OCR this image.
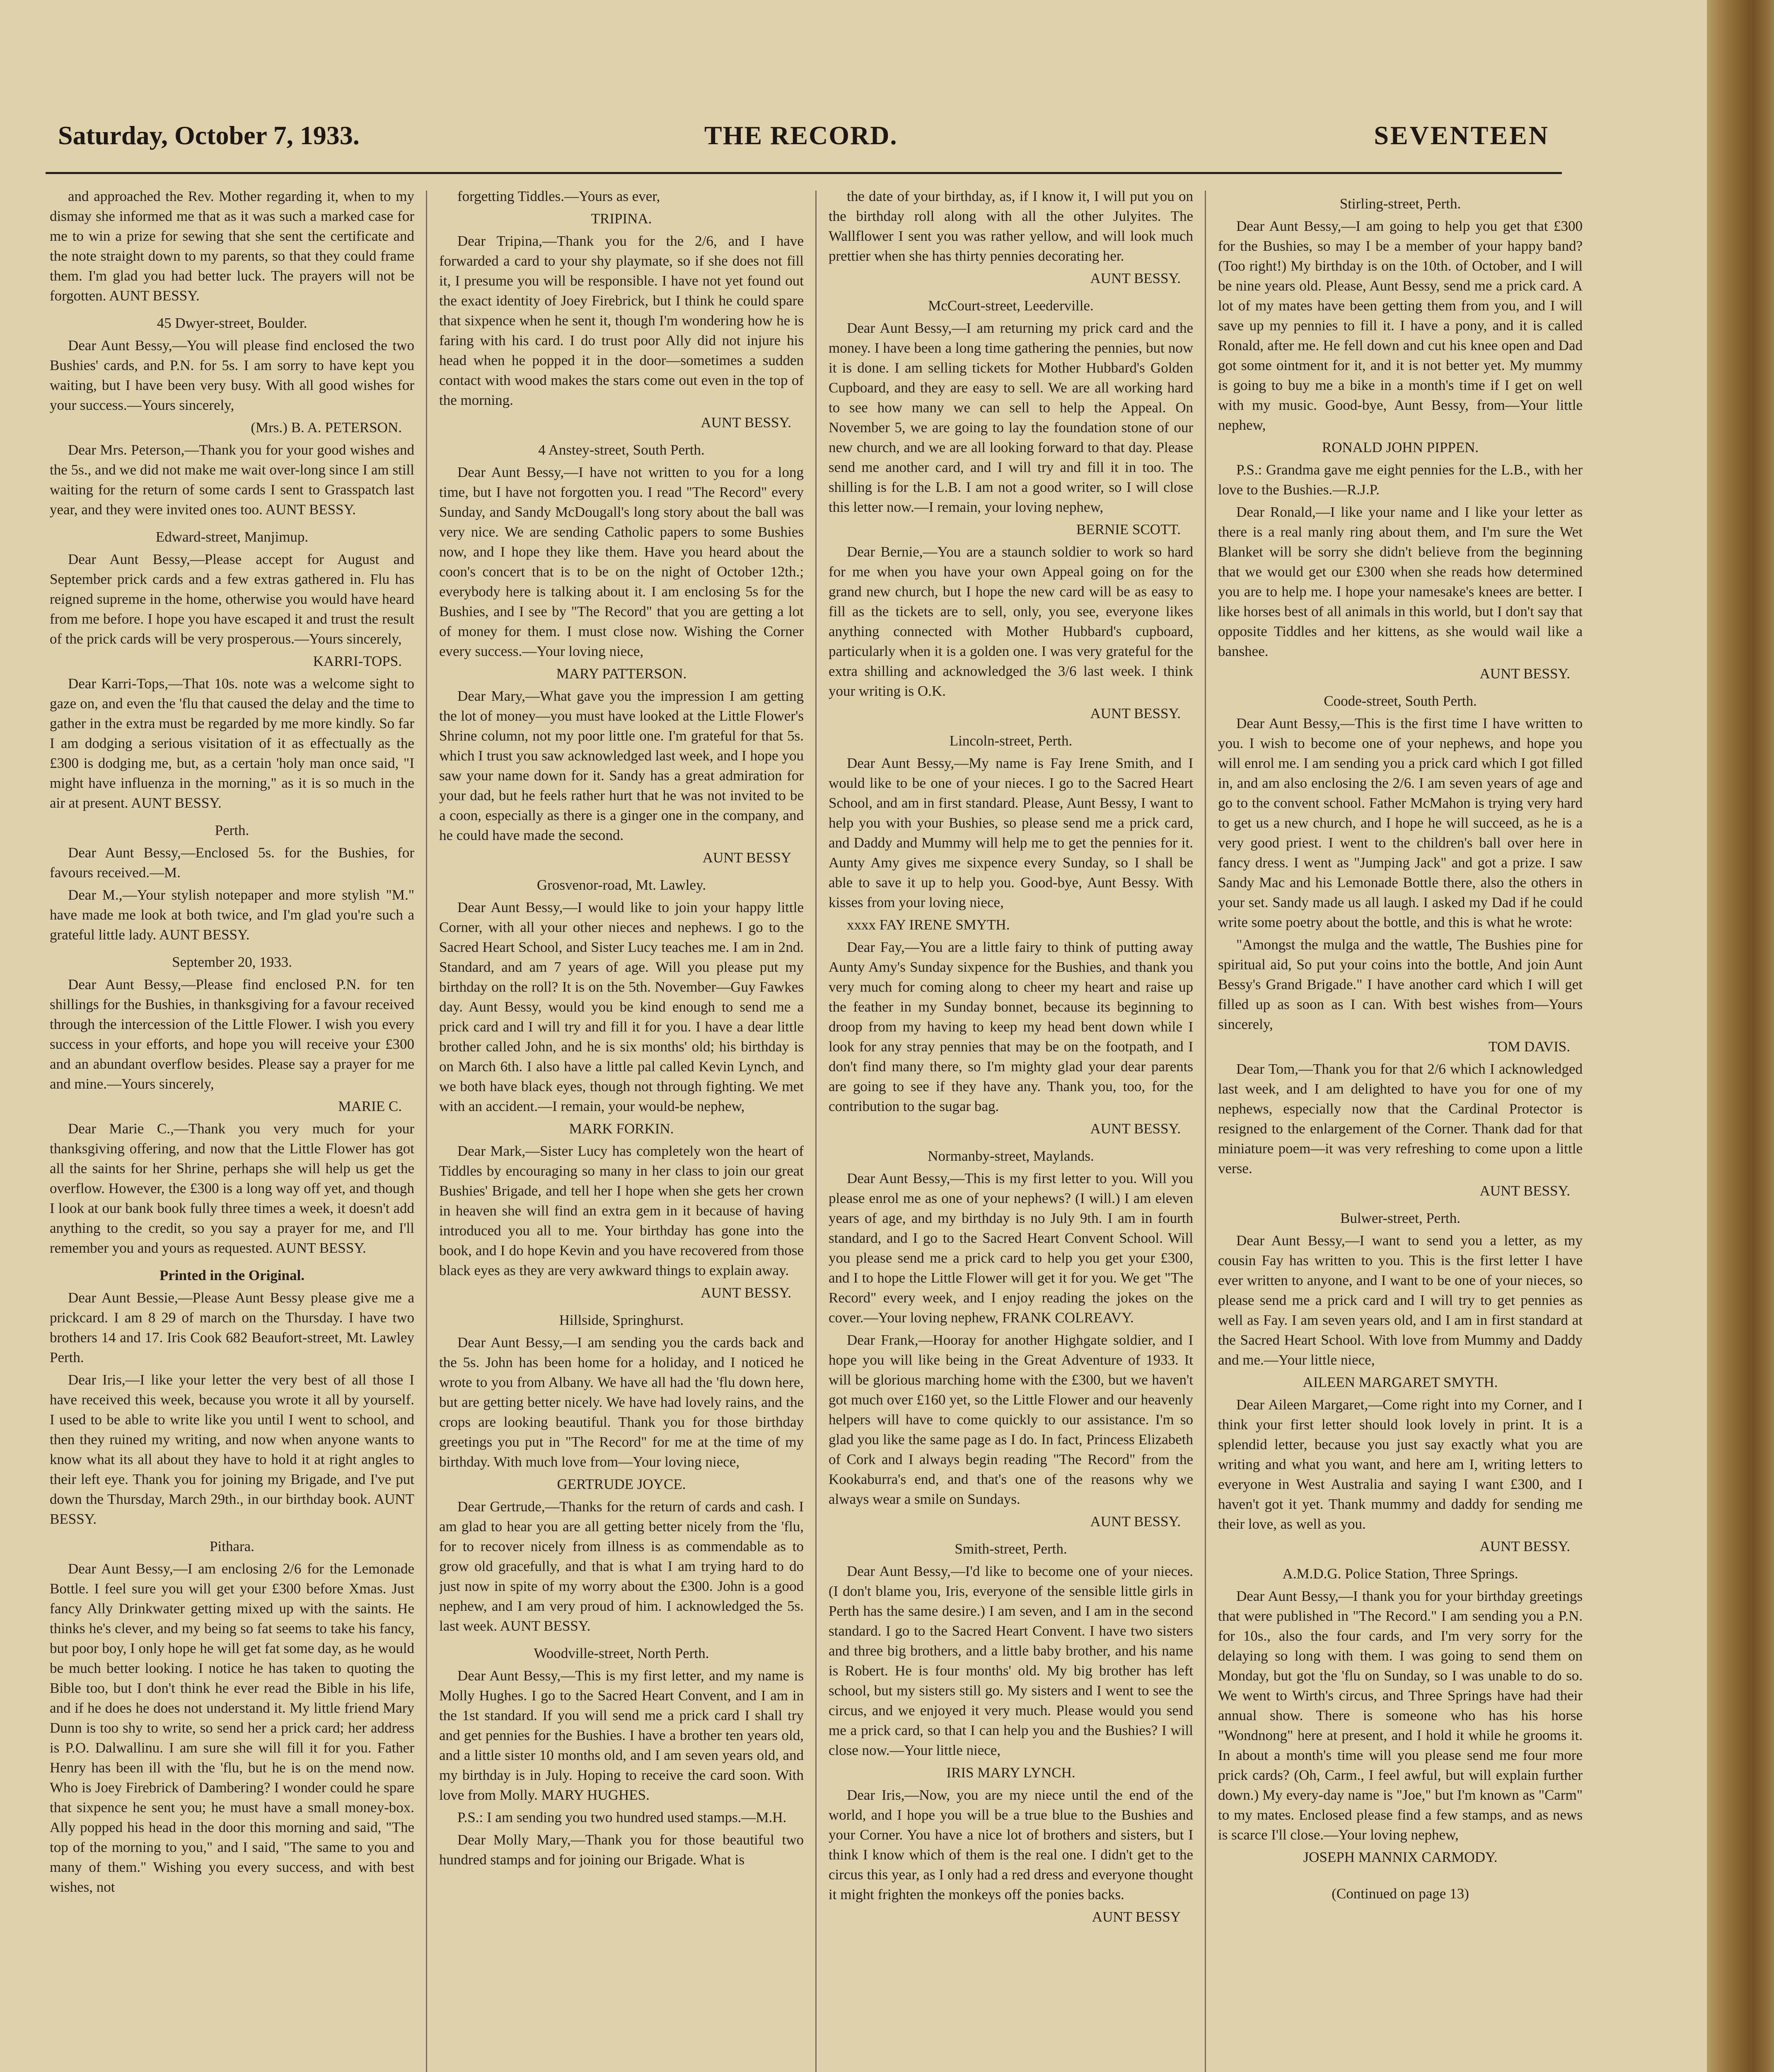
Saturday, October 7, 1933.	THE RECORD.	SEVENTEEN

and approached the Rev. Mother regarding it, when to my dismay she informed me that as it was such a marked case for me to win a prize for sewing that she sent the certificate and the note straight down to my parents, so that they could frame them. I'm glad you had better luck. The prayers will not be forgotten. AUNT BESSY.

45 Dwyer-street, Boulder.

Dear Aunt Bessy,—You will please find enclosed the two Bushies' cards, and P.N. for 5s. I am sorry to have kept you waiting, but I have been very busy. With all good wishes for your success.—Yours sincerely,

(Mrs.) B. A. PETERSON.

Dear Mrs. Peterson,—Thank you for your good wishes and the 5s., and we did not make me wait over-long since I am still waiting for the return of some cards I sent to Grasspatch last year, and they were invited ones too. AUNT BESSY.

Edward-street, Manjimup.

Dear Aunt Bessy,—Please accept for August and September prick cards and a few extras gathered in. Flu has reigned supreme in the home, otherwise you would have heard from me before. I hope you have escaped it and trust the result of the prick cards will be very prosperous.—Yours sincerely,

KARRI-TOPS.

Dear Karri-Tops,—That 10s. note was a welcome sight to gaze on, and even the 'flu that caused the delay and the time to gather in the extra must be regarded by me more kindly. So far I am dodging a serious visitation of it as effectually as the £300 is dodging me, but, as a certain 'holy man once said, "I might have influenza in the morning," as it is so much in the air at present. AUNT BESSY.

Perth.

Dear Aunt Bessy,—Enclosed 5s. for the Bushies, for favours received.—M.

Dear M.,—Your stylish notepaper and more stylish "M." have made me look at both twice, and I'm glad you're such a grateful little lady. AUNT BESSY.

September 20, 1933.

Dear Aunt Bessy,—Please find enclosed P.N. for ten shillings for the Bushies, in thanksgiving for a favour received through the intercession of the Little Flower. I wish you every success in your efforts, and hope you will receive your £300 and an abundant overflow besides. Please say a prayer for me and mine.—Yours sincerely,

MARIE C.

Dear Marie C.,—Thank you very much for your thanksgiving offering, and now that the Little Flower has got all the saints for her Shrine, perhaps she will help us get the overflow. However, the £300 is a long way off yet, and though I look at our bank book fully three times a week, it doesn't add anything to the credit, so you say a prayer for me, and I'll remember you and yours as requested. AUNT BESSY.

Printed in the Original.

Dear Aunt Bessie,—Please Aunt Bessy please give me a prickcard. I am 8 29 of march on the Thursday. I have two brothers 14 and 17. Iris Cook 682 Beaufort-street, Mt. Lawley Perth.

Dear Iris,—I like your letter the very best of all those I have received this week, because you wrote it all by yourself. I used to be able to write like you until I went to school, and then they ruined my writing, and now when anyone wants to know what its all about they have to hold it at right angles to their left eye. Thank you for joining my Brigade, and I've put down the Thursday, March 29th., in our birthday book. AUNT BESSY.

Pithara.

Dear Aunt Bessy,—I am enclosing 2/6 for the Lemonade Bottle. I feel sure you will get your £300 before Xmas. Just fancy Ally Drinkwater getting mixed up with the saints. He thinks he's clever, and my being so fat seems to take his fancy, but poor boy, I only hope he will get fat some day, as he would be much better looking. I notice he has taken to quoting the Bible too, but I don't think he ever read the Bible in his life, and if he does he does not understand it. My little friend Mary Dunn is too shy to write, so send her a prick card; her address is P.O. Dalwallinu. I am sure she will fill it for you. Father Henry has been ill with the 'flu, but he is on the mend now. Who is Joey Firebrick of Dambering? I wonder could he spare that sixpence he sent you; he must have a small money-box. Ally popped his head in the door this morning and said, "The top of the morning to you," and I said, "The same to you and many of them." Wishing you every success, and with best wishes, not

forgetting Tiddles.—Yours as ever,

TRIPINA.

Dear Tripina,—Thank you for the 2/6, and I have forwarded a card to your shy playmate, so if she does not fill it, I presume you will be responsible. I have not yet found out the exact identity of Joey Firebrick, but I think he could spare that sixpence when he sent it, though I'm wondering how he is faring with his card. I do trust poor Ally did not injure his head when he popped it in the door—sometimes a sudden contact with wood makes the stars come out even in the top of the morning.

AUNT BESSY.

4 Anstey-street, South Perth.

Dear Aunt Bessy,—I have not written to you for a long time, but I have not forgotten you. I read "The Record" every Sunday, and Sandy McDougall's long story about the ball was very nice. We are sending Catholic papers to some Bushies now, and I hope they like them. Have you heard about the coon's concert that is to be on the night of October 12th.; everybody here is talking about it. I am enclosing 5s for the Bushies, and I see by "The Record" that you are getting a lot of money for them. I must close now. Wishing the Corner every success.—Your loving niece,

MARY PATTERSON.

Dear Mary,—What gave you the impression I am getting the lot of money—you must have looked at the Little Flower's Shrine column, not my poor little one. I'm grateful for that 5s. which I trust you saw acknowledged last week, and I hope you saw your name down for it. Sandy has a great admiration for your dad, but he feels rather hurt that he was not invited to be a coon, especially as there is a ginger one in the company, and he could have made the second.

AUNT BESSY

Grosvenor-road, Mt. Lawley.

Dear Aunt Bessy,—I would like to join your happy little Corner, with all your other nieces and nephews. I go to the Sacred Heart School, and Sister Lucy teaches me. I am in 2nd. Standard, and am 7 years of age. Will you please put my birthday on the roll? It is on the 5th. November—Guy Fawkes day. Aunt Bessy, would you be kind enough to send me a prick card and I will try and fill it for you. I have a dear little brother called John, and he is six months' old; his birthday is on March 6th. I also have a little pal called Kevin Lynch, and we both have black eyes, though not through fighting. We met with an accident.—I remain, your would-be nephew,

MARK FORKIN.

Dear Mark,—Sister Lucy has completely won the heart of Tiddles by encouraging so many in her class to join our great Bushies' Brigade, and tell her I hope when she gets her crown in heaven she will find an extra gem in it because of having introduced you all to me. Your birthday has gone into the book, and I do hope Kevin and you have recovered from those black eyes as they are very awkward things to explain away.

AUNT BESSY.

Hillside, Springhurst.

Dear Aunt Bessy,—I am sending you the cards back and the 5s. John has been home for a holiday, and I noticed he wrote to you from Albany. We have all had the 'flu down here, but are getting better nicely. We have had lovely rains, and the crops are looking beautiful. Thank you for those birthday greetings you put in "The Record" for me at the time of my birthday. With much love from—Your loving niece,

GERTRUDE JOYCE.

Dear Gertrude,—Thanks for the return of cards and cash. I am glad to hear you are all getting better nicely from the 'flu, for to recover nicely from illness is as commendable as to grow old gracefully, and that is what I am trying hard to do just now in spite of my worry about the £300. John is a good nephew, and I am very proud of him. I acknowledged the 5s. last week. AUNT BESSY.

Woodville-street, North Perth.

Dear Aunt Bessy,—This is my first letter, and my name is Molly Hughes. I go to the Sacred Heart Convent, and I am in the 1st standard. If you will send me a prick card I shall try and get pennies for the Bushies. I have a brother ten years old, and a little sister 10 months old, and I am seven years old, and my birthday is in July. Hoping to receive the card soon. With love from Molly. MARY HUGHES.

P.S.: I am sending you two hundred used stamps.—M.H.

Dear Molly Mary,—Thank you for those beautiful two hundred stamps and for joining our Brigade. What is

the date of your birthday, as, if I know it, I will put you on the birthday roll along with all the other Julyites. The Wallflower I sent you was rather yellow, and will look much prettier when she has thirty pennies decorating her.

AUNT BESSY.

McCourt-street, Leederville.

Dear Aunt Bessy,—I am returning my prick card and the money. I have been a long time gathering the pennies, but now it is done. I am selling tickets for Mother Hubbard's Golden Cupboard, and they are easy to sell. We are all working hard to see how many we can sell to help the Appeal. On November 5, we are going to lay the foundation stone of our new church, and we are all looking forward to that day. Please send me another card, and I will try and fill it in too. The shilling is for the L.B. I am not a good writer, so I will close this letter now.—I remain, your loving nephew,

BERNIE SCOTT.

Dear Bernie,—You are a staunch soldier to work so hard for me when you have your own Appeal going on for the grand new church, but I hope the new card will be as easy to fill as the tickets are to sell, only, you see, everyone likes anything connected with Mother Hubbard's cupboard, particularly when it is a golden one. I was very grateful for the extra shilling and acknowledged the 3/6 last week. I think your writing is O.K.

AUNT BESSY.

Lincoln-street, Perth.

Dear Aunt Bessy,—My name is Fay Irene Smith, and I would like to be one of your nieces. I go to the Sacred Heart School, and am in first standard. Please, Aunt Bessy, I want to help you with your Bushies, so please send me a prick card, and Daddy and Mummy will help me to get the pennies for it. Aunty Amy gives me sixpence every Sunday, so I shall be able to save it up to help you. Good-bye, Aunt Bessy. With kisses from your loving niece,

xxxx FAY IRENE SMYTH.

Dear Fay,—You are a little fairy to think of putting away Aunty Amy's Sunday sixpence for the Bushies, and thank you very much for coming along to cheer my heart and raise up the feather in my Sunday bonnet, because its beginning to droop from my having to keep my head bent down while I look for any stray pennies that may be on the footpath, and I don't find many there, so I'm mighty glad your dear parents are going to see if they have any. Thank you, too, for the contribution to the sugar bag.

AUNT BESSY.

Normanby-street, Maylands.

Dear Aunt Bessy,—This is my first letter to you. Will you please enrol me as one of your nephews? (I will.) I am eleven years of age, and my birthday is no July 9th. I am in fourth standard, and I go to the Sacred Heart Convent School. Will you please send me a prick card to help you get your £300, and I to hope the Little Flower will get it for you. We get "The Record" every week, and I enjoy reading the jokes on the cover.—Your loving nephew, FRANK COLREAVY.

Dear Frank,—Hooray for another Highgate soldier, and I hope you will like being in the Great Adventure of 1933. It will be glorious marching home with the £300, but we haven't got much over £160 yet, so the Little Flower and our heavenly helpers will have to come quickly to our assistance. I'm so glad you like the same page as I do. In fact, Princess Elizabeth of Cork and I always begin reading "The Record" from the Kookaburra's end, and that's one of the reasons why we always wear a smile on Sundays.

AUNT BESSY.

Smith-street, Perth.

Dear Aunt Bessy,—I'd like to become one of your nieces. (I don't blame you, Iris, everyone of the sensible little girls in Perth has the same desire.) I am seven, and I am in the second standard. I go to the Sacred Heart Convent. I have two sisters and three big brothers, and a little baby brother, and his name is Robert. He is four months' old. My big brother has left school, but my sisters still go. My sisters and I went to see the circus, and we enjoyed it very much. Please would you send me a prick card, so that I can help you and the Bushies? I will close now.—Your little niece,

IRIS MARY LYNCH.

Dear Iris,—Now, you are my niece until the end of the world, and I hope you will be a true blue to the Bushies and your Corner. You have a nice lot of brothers and sisters, but I think I know which of them is the real one. I didn't get to the circus this year, as I only had a red dress and everyone thought it might frighten the monkeys off the ponies backs.

AUNT BESSY

Stirling-street, Perth.

Dear Aunt Bessy,—I am going to help you get that £300 for the Bushies, so may I be a member of your happy band? (Too right!) My birthday is on the 10th. of October, and I will be nine years old. Please, Aunt Bessy, send me a prick card. A lot of my mates have been getting them from you, and I will save up my pennies to fill it. I have a pony, and it is called Ronald, after me. He fell down and cut his knee open and Dad got some ointment for it, and it is not better yet. My mummy is going to buy me a bike in a month's time if I get on well with my music. Good-bye, Aunt Bessy, from—Your little nephew,

RONALD JOHN PIPPEN.

P.S.: Grandma gave me eight pennies for the L.B., with her love to the Bushies.—R.J.P.

Dear Ronald,—I like your name and I like your letter as there is a real manly ring about them, and I'm sure the Wet Blanket will be sorry she didn't believe from the beginning that we would get our £300 when she reads how determined you are to help me. I hope your namesake's knees are better. I like horses best of all animals in this world, but I don't say that opposite Tiddles and her kittens, as she would wail like a banshee.

AUNT BESSY.

Coode-street, South Perth.

Dear Aunt Bessy,—This is the first time I have written to you. I wish to become one of your nephews, and hope you will enrol me. I am sending you a prick card which I got filled in, and am also enclosing the 2/6. I am seven years of age and go to the convent school. Father McMahon is trying very hard to get us a new church, and I hope he will succeed, as he is a very good priest. I went to the children's ball over here in fancy dress. I went as "Jumping Jack" and got a prize. I saw Sandy Mac and his Lemonade Bottle there, also the others in your set. Sandy made us all laugh. I asked my Dad if he could write some poetry about the bottle, and this is what he wrote:

"Amongst the mulga and the wattle, The Bushies pine for spiritual aid, So put your coins into the bottle, And join Aunt Bessy's Grand Brigade." I have another card which I will get filled up as soon as I can. With best wishes from—Yours sincerely,

TOM DAVIS.

Dear Tom,—Thank you for that 2/6 which I acknowledged last week, and I am delighted to have you for one of my nephews, especially now that the Cardinal Protector is resigned to the enlargement of the Corner. Thank dad for that miniature poem—it was very refreshing to come upon a little verse.

AUNT BESSY.

Bulwer-street, Perth.

Dear Aunt Bessy,—I want to send you a letter, as my cousin Fay has written to you. This is the first letter I have ever written to anyone, and I want to be one of your nieces, so please send me a prick card and I will try to get pennies as well as Fay. I am seven years old, and I am in first standard at the Sacred Heart School. With love from Mummy and Daddy and me.—Your little niece,

AILEEN MARGARET SMYTH.

Dear Aileen Margaret,—Come right into my Corner, and I think your first letter should look lovely in print. It is a splendid letter, because you just say exactly what you are writing and what you want, and here am I, writing letters to everyone in West Australia and saying I want £300, and I haven't got it yet. Thank mummy and daddy for sending me their love, as well as you.

AUNT BESSY.

A.M.D.G. Police Station, Three Springs.

Dear Aunt Bessy,—I thank you for your birthday greetings that were published in "The Record." I am sending you a P.N. for 10s., also the four cards, and I'm very sorry for the delaying so long with them. I was going to send them on Monday, but got the 'flu on Sunday, so I was unable to do so. We went to Wirth's circus, and Three Springs have had their annual show. There is someone who has his horse "Wondnong" here at present, and I hold it while he grooms it. In about a month's time will you please send me four more prick cards? (Oh, Carm., I feel awful, but will explain further down.) My every-day name is "Joe," but I'm known as "Carm" to my mates. Enclosed please find a few stamps, and as news is scarce I'll close.—Your loving nephew,

JOSEPH MANNIX CARMODY.

(Continued on page 13)
